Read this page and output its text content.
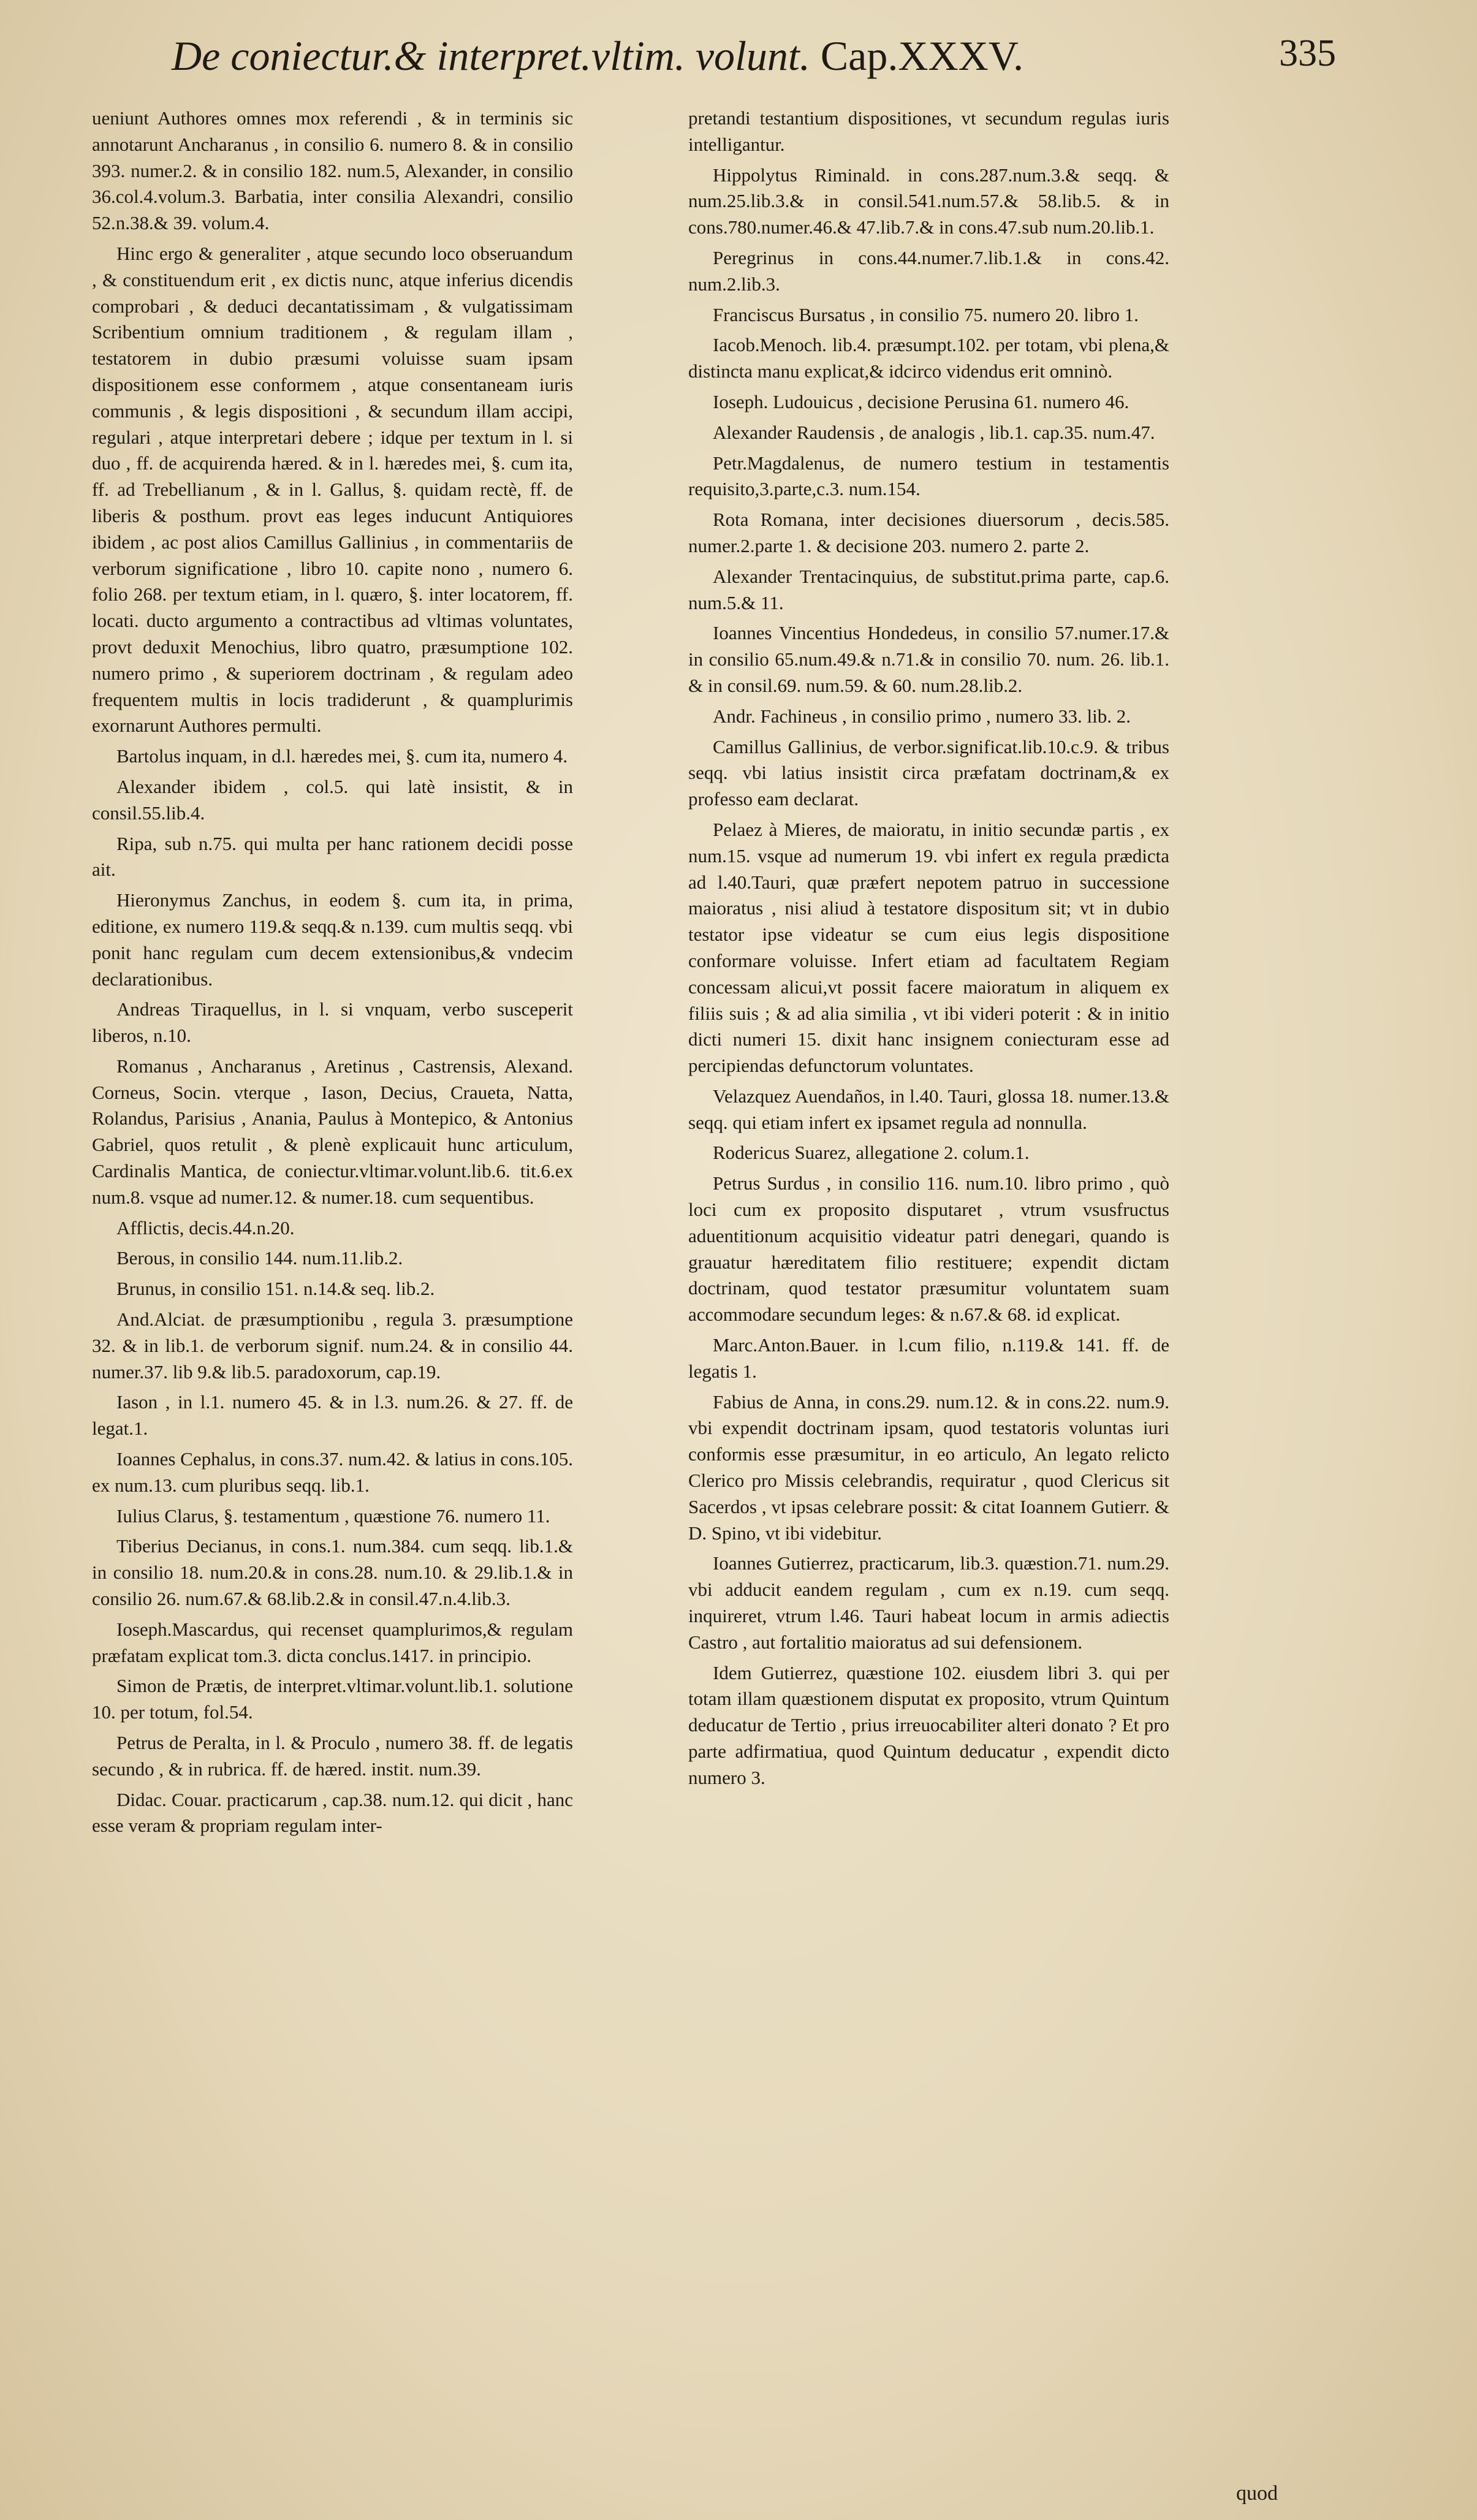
De coniectur.& interpret.vltim. volunt. Cap.XXXV.	335

ueniunt Authores omnes mox referendi , & in terminis sic annotarunt Ancharanus , in consilio 6. numero 8. & in consilio 393. numer.2. & in consilio 182. num.5, Alexander, in consilio 36.col.4.volum.3. Barbatia, inter consilia Alexandri, consilio 52.n.38.& 39. volum.4.

Hinc ergo & generaliter , atque secundo loco obseruandum , & constituendum erit , ex dictis nunc, atque inferius dicendis comprobari , & deduci decantatissimam , & vulgatissimam Scribentium omnium traditionem , & regulam illam , testatorem in dubio præsumi voluisse suam ipsam dispositionem esse conformem , atque consentaneam iuris communis , & legis dispositioni , & secundum illam accipi, regulari , atque interpretari debere ; idque per textum in l. si duo , ff. de acquirenda hæred. & in l. hæredes mei, §. cum ita, ff. ad Trebellianum , & in l. Gallus, §. quidam rectè, ff. de liberis & posthum. provt eas leges inducunt Antiquiores ibidem , ac post alios Camillus Gallinius , in commentariis de verborum significatione , libro 10. capite nono , numero 6. folio 268. per textum etiam, in l. quæro, §. inter locatorem, ff. locati. ducto argumento a contractibus ad vltimas voluntates, provt deduxit Menochius, libro quatro, præsumptione 102. numero primo , & superiorem doctrinam , & regulam adeo frequentem multis in locis tradiderunt , & quamplurimis exornarunt Authores permulti.

Bartolus inquam, in d.l. hæredes mei, §. cum ita, numero 4.

Alexander ibidem , col.5. qui latè insistit, & in consil.55.lib.4.

Ripa, sub n.75. qui multa per hanc rationem decidi posse ait.

Hieronymus Zanchus, in eodem §. cum ita, in prima, editione, ex numero 119.& seqq.& n.139. cum multis seqq. vbi ponit hanc regulam cum decem extensionibus,& vndecim declarationibus.

Andreas Tiraquellus, in l. si vnquam, verbo susceperit liberos, n.10.

Romanus , Ancharanus , Aretinus , Castrensis, Alexand. Corneus, Socin. vterque , Iason, Decius, Craueta, Natta, Rolandus, Parisius , Anania, Paulus à Montepico, & Antonius Gabriel, quos retulit , & plenè explicauit hunc articulum, Cardinalis Mantica, de coniectur.vltimar.volunt.lib.6. tit.6.ex num.8. vsque ad numer.12. & numer.18. cum sequentibus.

Afflictis, decis.44.n.20.

Berous, in consilio 144. num.11.lib.2.

Brunus, in consilio 151. n.14.& seq. lib.2.

And.Alciat. de præsumptionibu , regula 3. præsumptione 32. & in lib.1. de verborum signif. num.24. & in consilio 44. numer.37. lib 9.& lib.5. paradoxorum, cap.19.

Iason , in l.1. numero 45. & in l.3. num.26. & 27. ff. de legat.1.

Ioannes Cephalus, in cons.37. num.42. & latius in cons.105. ex num.13. cum pluribus seqq. lib.1.

Iulius Clarus, §. testamentum , quæstione 76. numero 11.

Tiberius Decianus, in cons.1. num.384. cum seqq. lib.1.& in consilio 18. num.20.& in cons.28. num.10. & 29.lib.1.& in consilio 26. num.67.& 68.lib.2.& in consil.47.n.4.lib.3.

Ioseph.Mascardus, qui recenset quamplurimos,& regulam præfatam explicat tom.3. dicta conclus.1417. in principio.

Simon de Prætis, de interpret.vltimar.volunt.lib.1. solutione 10. per totum, fol.54.

Petrus de Peralta, in l. & Proculo , numero 38. ff. de legatis secundo , & in rubrica. ff. de hæred. instit. num.39.

Didac. Couar. practicarum , cap.38. num.12. qui dicit , hanc esse veram & propriam regulam inter-

pretandi testantium dispositiones, vt secundum regulas iuris intelligantur.

Hippolytus Riminald. in cons.287.num.3.& seqq. & num.25.lib.3.& in consil.541.num.57.& 58.lib.5. & in cons.780.numer.46.& 47.lib.7.& in cons.47.sub num.20.lib.1.

Peregrinus in cons.44.numer.7.lib.1.& in cons.42. num.2.lib.3.

Franciscus Bursatus , in consilio 75. numero 20. libro 1.

Iacob.Menoch. lib.4. præsumpt.102. per totam, vbi plena,& distincta manu explicat,& idcirco videndus erit omninò.

Ioseph. Ludouicus , decisione Perusina 61. numero 46.

Alexander Raudensis , de analogis , lib.1. cap.35. num.47.

Petr.Magdalenus, de numero testium in testamentis requisito,3.parte,c.3. num.154.

Rota Romana, inter decisiones diuersorum , decis.585. numer.2.parte 1. & decisione 203. numero 2. parte 2.

Alexander Trentacinquius, de substitut.prima parte, cap.6. num.5.& 11.

Ioannes Vincentius Hondedeus, in consilio 57.numer.17.& in consilio 65.num.49.& n.71.& in consilio 70. num. 26. lib.1. & in consil.69. num.59. & 60. num.28.lib.2.

Andr. Fachineus , in consilio primo , numero 33. lib. 2.

Camillus Gallinius, de verbor.significat.lib.10.c.9. & tribus seqq. vbi latius insistit circa præfatam doctrinam,& ex professo eam declarat.

Pelaez à Mieres, de maioratu, in initio secundæ partis , ex num.15. vsque ad numerum 19. vbi infert ex regula prædicta ad l.40.Tauri, quæ præfert nepotem patruo in successione maioratus , nisi aliud à testatore dispositum sit; vt in dubio testator ipse videatur se cum eius legis dispositione conformare voluisse. Infert etiam ad facultatem Regiam concessam alicui,vt possit facere maioratum in aliquem ex filiis suis ; & ad alia similia , vt ibi videri poterit : & in initio dicti numeri 15. dixit hanc insignem coniecturam esse ad percipiendas defunctorum voluntates.

Velazquez Auendaños, in l.40. Tauri, glossa 18. numer.13.& seqq. qui etiam infert ex ipsamet regula ad nonnulla.

Rodericus Suarez, allegatione 2. colum.1.

Petrus Surdus , in consilio 116. num.10. libro primo , quò loci cum ex proposito disputaret , vtrum vsusfructus aduentitionum acquisitio videatur patri denegari, quando is grauatur hæreditatem filio restituere; expendit dictam doctrinam, quod testator præsumitur voluntatem suam accommodare secundum leges: & n.67.& 68. id explicat.

Marc.Anton.Bauer. in l.cum filio, n.119.& 141. ff. de legatis 1.

Fabius de Anna, in cons.29. num.12. & in cons.22. num.9. vbi expendit doctrinam ipsam, quod testatoris voluntas iuri conformis esse præsumitur, in eo articulo, An legato relicto Clerico pro Missis celebrandis, requiratur , quod Clericus sit Sacerdos , vt ipsas celebrare possit: & citat Ioannem Gutierr. & D. Spino, vt ibi videbitur.

Ioannes Gutierrez, practicarum, lib.3. quæstion.71. num.29. vbi adducit eandem regulam , cum ex n.19. cum seqq. inquireret, vtrum l.46. Tauri habeat locum in armis adiectis Castro , aut fortalitio maioratus ad sui defensionem.

Idem Gutierrez, quæstione 102. eiusdem libri 3. qui per totam illam quæstionem disputat ex proposito, vtrum Quintum deducatur de Tertio , prius irreuocabiliter alteri donato ? Et pro parte adfirmatiua, quod Quintum deducatur , expendit dicto numero 3.

quod
